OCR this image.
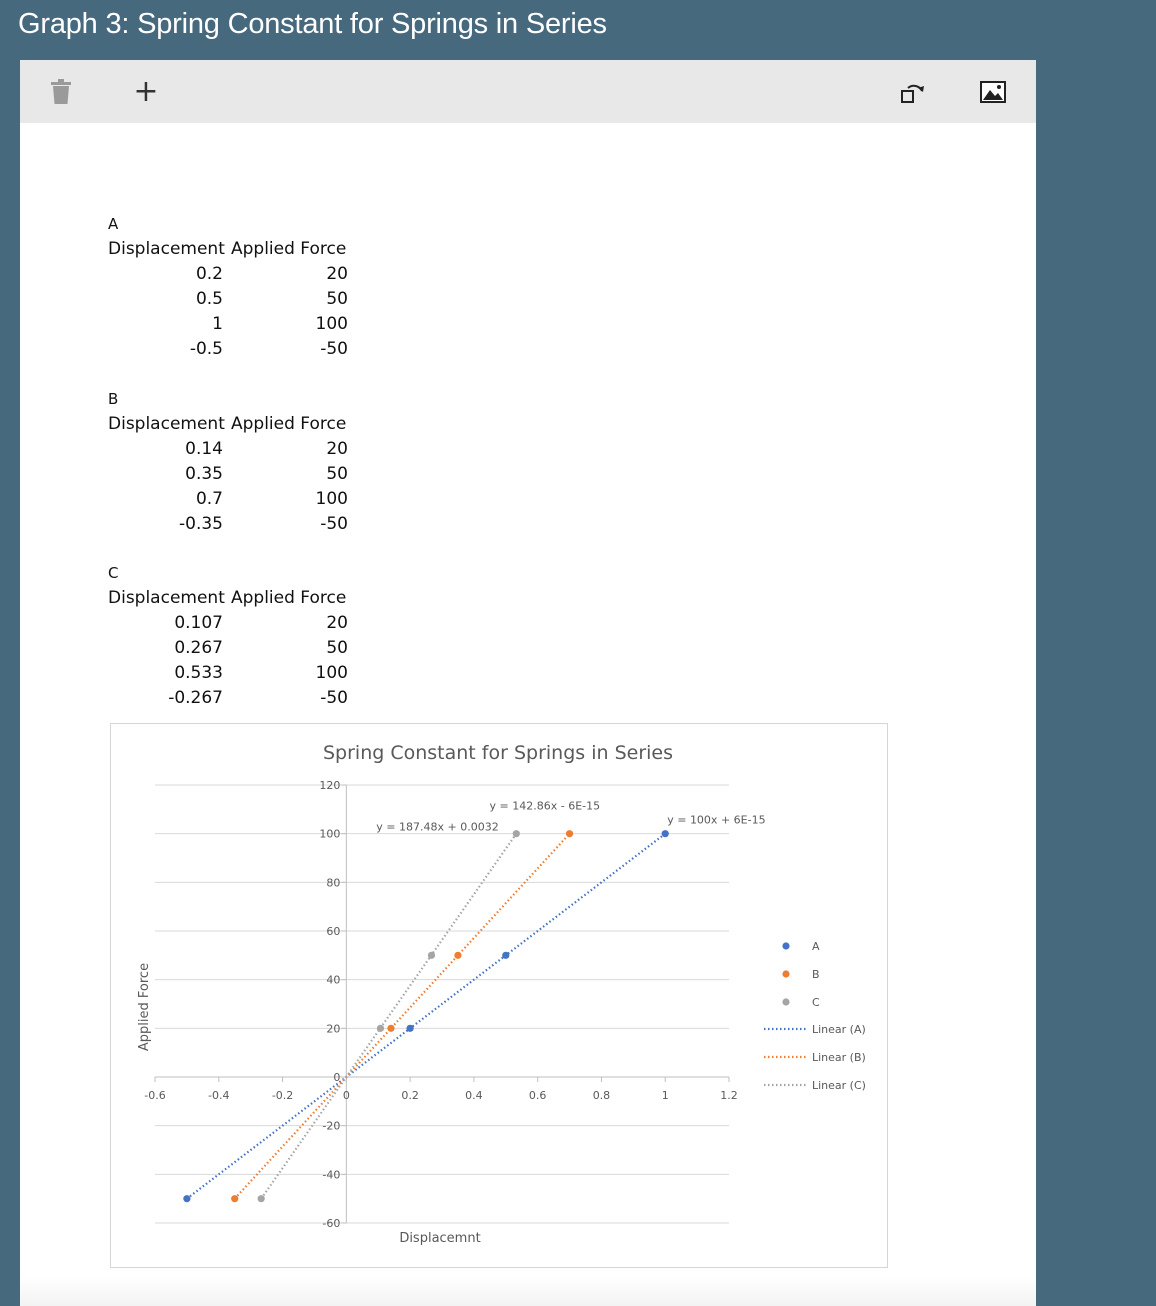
Graph 3: Spring Constant for Springs in Series
+
A
Displacement Applied Force
0.2	20
0.5	50
1	100
-0.5	-50
B
Displacement Applied Force
0.14	20
0.35	50
0.7	100
-0.35	-50
C
Displacement Applied Force
0.107	20
0.267	50
0.533	100
-0.267	-50
Spring Constant for Springs in Series
-60
-40
-20
0
20
40
60
80
100
120
-0.6	-0.4	-0.2	0	0.2	0.4	0.6	0.8	1	1.2
y = 100x + 6E-15
y = 142.86x - 6E-15
y = 187.48x + 0.0032
A
B
C
Linear (A)
Linear (B)
Linear (C)
Displacemnt
Applied Force
